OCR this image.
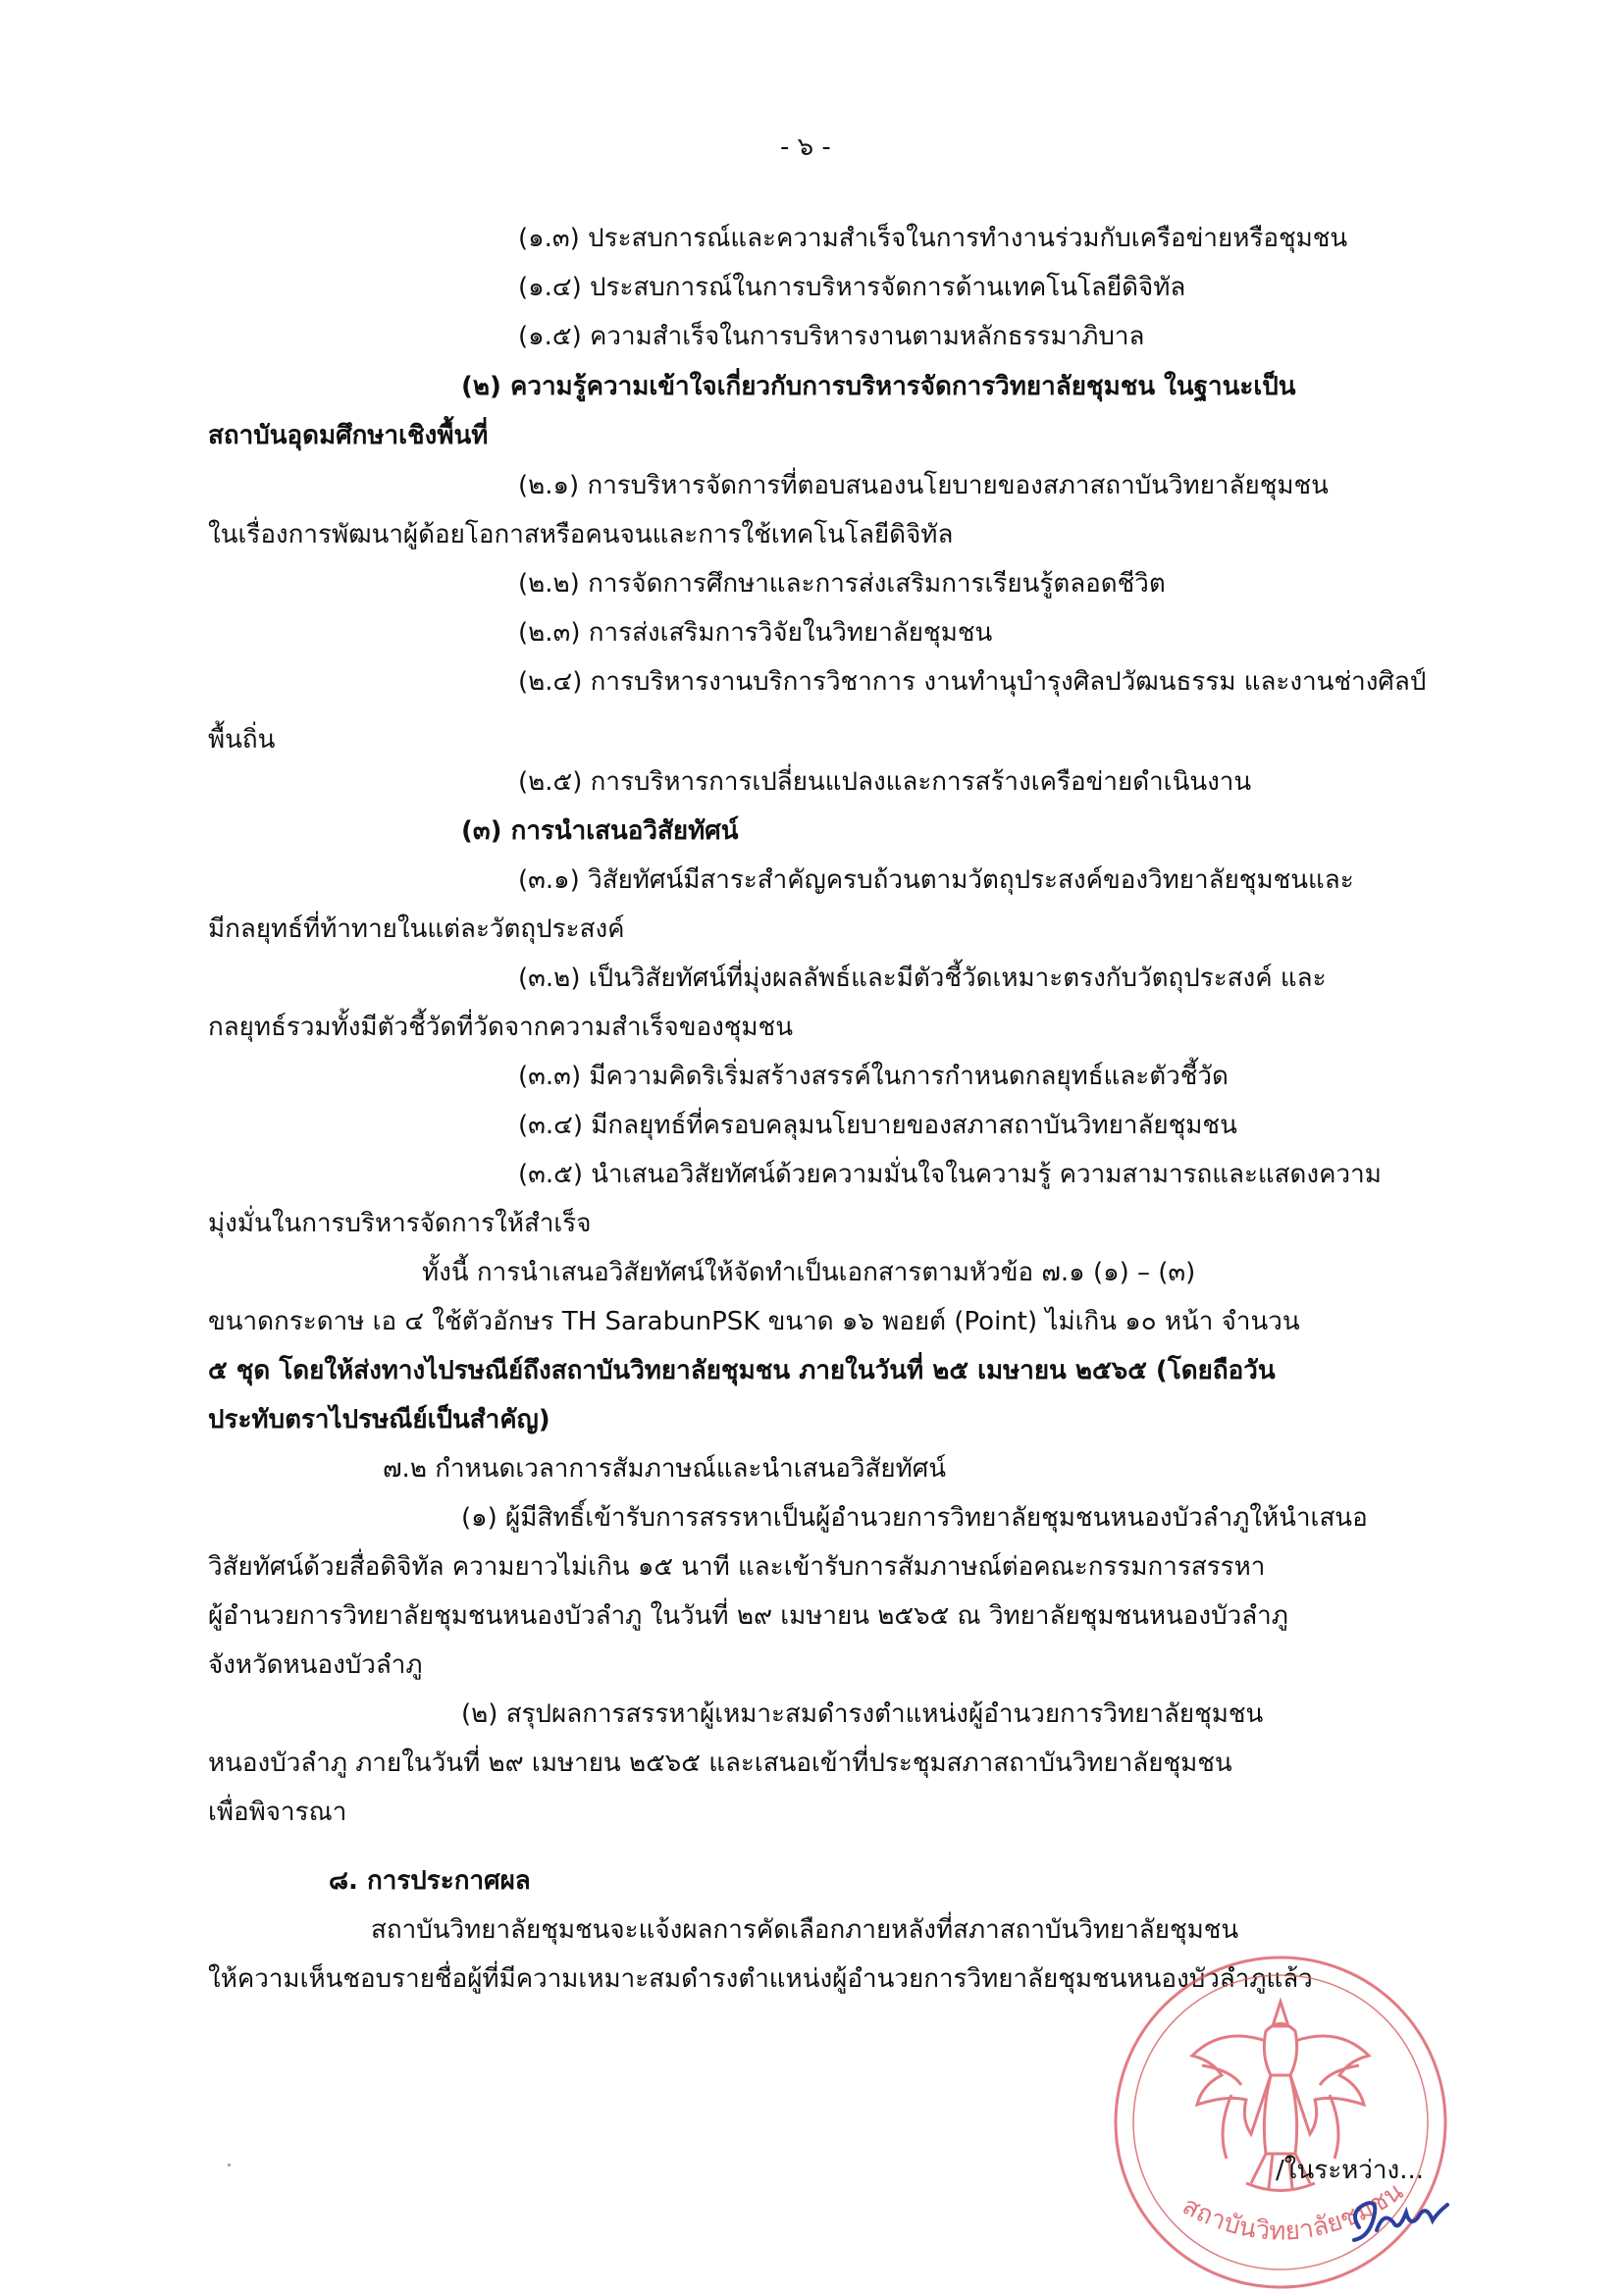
- ๖ -

(๑.๓) ประสบการณ์และความสำเร็จในการทำงานร่วมกับเครือข่ายหรือชุมชน

(๑.๔) ประสบการณ์ในการบริหารจัดการด้านเทคโนโลยีดิจิทัล

(๑.๕) ความสำเร็จในการบริหารงานตามหลักธรรมาภิบาล

(๒) ความรู้ความเข้าใจเกี่ยวกับการบริหารจัดการวิทยาลัยชุมชน ในฐานะเป็น

สถาบันอุดมศึกษาเชิงพื้นที่

(๒.๑) การบริหารจัดการที่ตอบสนองนโยบายของสภาสถาบันวิทยาลัยชุมชน

ในเรื่องการพัฒนาผู้ด้อยโอกาสหรือคนจนและการใช้เทคโนโลยีดิจิทัล

(๒.๒) การจัดการศึกษาและการส่งเสริมการเรียนรู้ตลอดชีวิต

(๒.๓) การส่งเสริมการวิจัยในวิทยาลัยชุมชน

(๒.๔) การบริหารงานบริการวิชาการ งานทำนุบำรุงศิลปวัฒนธรรม และงานช่างศิลป์

พื้นถิ่น

(๒.๕) การบริหารการเปลี่ยนแปลงและการสร้างเครือข่ายดำเนินงาน

(๓) การนำเสนอวิสัยทัศน์

(๓.๑) วิสัยทัศน์มีสาระสำคัญครบถ้วนตามวัตถุประสงค์ของวิทยาลัยชุมชนและ

มีกลยุทธ์ที่ท้าทายในแต่ละวัตถุประสงค์

(๓.๒) เป็นวิสัยทัศน์ที่มุ่งผลลัพธ์และมีตัวชี้วัดเหมาะตรงกับวัตถุประสงค์ และ

กลยุทธ์รวมทั้งมีตัวชี้วัดที่วัดจากความสำเร็จของชุมชน

(๓.๓) มีความคิดริเริ่มสร้างสรรค์ในการกำหนดกลยุทธ์และตัวชี้วัด

(๓.๔) มีกลยุทธ์ที่ครอบคลุมนโยบายของสภาสถาบันวิทยาลัยชุมชน

(๓.๕) นำเสนอวิสัยทัศน์ด้วยความมั่นใจในความรู้ ความสามารถและแสดงความ

มุ่งมั่นในการบริหารจัดการให้สำเร็จ

ทั้งนี้ การนำเสนอวิสัยทัศน์ให้จัดทำเป็นเอกสารตามหัวข้อ ๗.๑ (๑) – (๓)

ขนาดกระดาษ เอ ๔ ใช้ตัวอักษร TH SarabunPSK ขนาด ๑๖ พอยต์ (Point) ไม่เกิน ๑๐ หน้า จำนวน

๕ ชุด โดยให้ส่งทางไปรษณีย์ถึงสถาบันวิทยาลัยชุมชน ภายในวันที่ ๒๕ เมษายน ๒๕๖๕ (โดยถือวัน

ประทับตราไปรษณีย์เป็นสำคัญ)

๗.๒ กำหนดเวลาการสัมภาษณ์และนำเสนอวิสัยทัศน์

(๑) ผู้มีสิทธิ์เข้ารับการสรรหาเป็นผู้อำนวยการวิทยาลัยชุมชนหนองบัวลำภูให้นำเสนอ

วิสัยทัศน์ด้วยสื่อดิจิทัล ความยาวไม่เกิน ๑๕ นาที และเข้ารับการสัมภาษณ์ต่อคณะกรรมการสรรหา

ผู้อำนวยการวิทยาลัยชุมชนหนองบัวลำภู ในวันที่ ๒๙ เมษายน ๒๕๖๕ ณ วิทยาลัยชุมชนหนองบัวลำภู

จังหวัดหนองบัวลำภู

(๒) สรุปผลการสรรหาผู้เหมาะสมดำรงตำแหน่งผู้อำนวยการวิทยาลัยชุมชน

หนองบัวลำภู ภายในวันที่ ๒๙ เมษายน ๒๕๖๕ และเสนอเข้าที่ประชุมสภาสถาบันวิทยาลัยชุมชน

เพื่อพิจารณา

๘. การประกาศผล

สถาบันวิทยาลัยชุมชนจะแจ้งผลการคัดเลือกภายหลังที่สภาสถาบันวิทยาลัยชุมชน

ให้ความเห็นชอบรายชื่อผู้ที่มีความเหมาะสมดำรงตำแหน่งผู้อำนวยการวิทยาลัยชุมชนหนองบัวลำภูแล้ว

สถาบันวิทยาลัยชุมชน

/ในระหว่าง...
